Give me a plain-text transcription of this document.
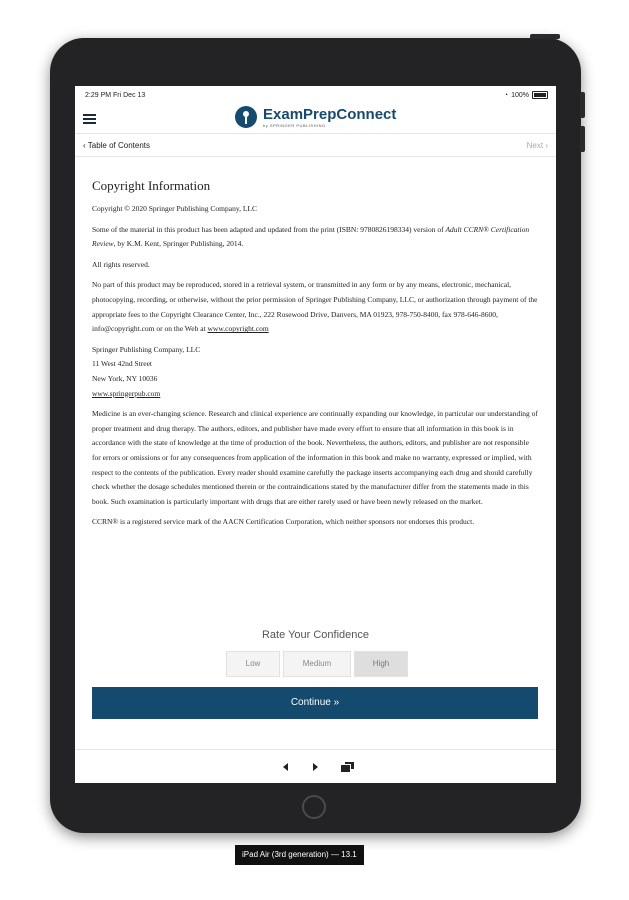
2:29 PM Fri Dec 13	◔ 100%
ExamPrepConnect
by SPRINGER PUBLISHING
‹ Table of Contents	Next ›
Copyright Information

Copyright © 2020 Springer Publishing Company, LLC

Some of the material in this product has been adapted and updated from the print (ISBN: 9780826198334) version of Adult CCRN® Certification Review, by K.M. Kent, Springer Publishing, 2014.

All rights reserved.

No part of this product may be reproduced, stored in a retrieval system, or transmitted in any form or by any means, electronic, mechanical, photocopying, recording, or otherwise, without the prior permission of Springer Publishing Company, LLC, or authorization through payment of the appropriate fees to the Copyright Clearance Center, Inc., 222 Rosewood Drive, Danvers, MA 01923, 978-750-8400, fax 978-646-8600, info@copyright.com or on the Web at www.copyright.com

Springer Publishing Company, LLC
11 West 42nd Street
New York, NY 10036
www.springerpub.com

Medicine is an ever-changing science. Research and clinical experience are continually expanding our knowledge, in particular our understanding of proper treatment and drug therapy. The authors, editors, and publisher have made every effort to ensure that all information in this book is in accordance with the state of knowledge at the time of production of the book. Nevertheless, the authors, editors, and publisher are not responsible for errors or omissions or for any consequences from application of the information in this book and make no warranty, expressed or implied, with respect to the contents of the publication. Every reader should examine carefully the package inserts accompanying each drug and should carefully check whether the dosage schedules mentioned therein or the contraindications stated by the manufacturer differ from the statements made in this book. Such examination is particularly important with drugs that are either rarely used or have been newly released on the market.

CCRN® is a registered service mark of the AACN Certification Corporation, which neither sponsors nor endorses this product.

Rate Your Confidence
Low	Medium	High
Continue »
iPad Air (3rd generation) — 13.1
